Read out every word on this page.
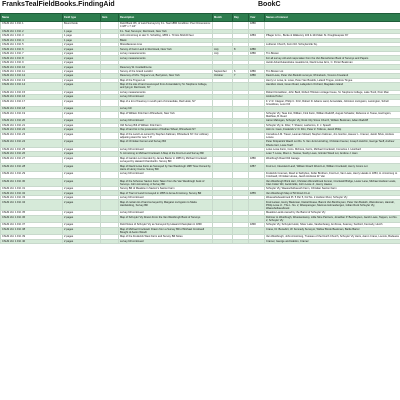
FranksTealFieldBooks.FindingAid	BookC
Name	Field type	Item	Description	Month	Day	Year	Names of interest
CSHS Vol. 1 Fld. 1	Bound book		Field Book 3/6, of Land Surveys by F.L. Teal 1886 Condition: Poor Dimensions: 4 3/8" x 7 1/4"			1886	
CSHS Vol. 1 Fld. 2	1 page		F.L. Teal, Surveyor, Red Hook, New York				
CSHS Vol. 1 Fld. 3	1 page		John Armstrong to Hez K. Schelling, 1883 L. 70 lots 60x100 feet			1883	Pflager & Co., Burke & Walkenny 103 & 104 Main St. Poughkeepsie NY
CSHS Vol. 1 Fld. 4	1 page		Blank				
CSHS Vol. 1 Fld. 5	2 pages		Miscellaneous Line				Lutheran Church, Ferm Rd. Schuylerville Sq.
CSHS Vol. 1 Fld. 6	2 pages		Survey of Farm Land in Red Hook, New York	July	8	1886	
CSHS Vol. 1 Fld. 7	2 pages		survey measurements	July		1886	Tim Bowen
CSHS Vol. 1 Fld. 8	2 pages		survey measurements				For all survey old and maps taken from the Van Benschoten Book of Surveys and Papers
CSHS Vol. 1 Fld. 9	2 pages						Jacob Ackert/Heerebeke meadow lot, David Lowe farm, C. Porter Beekman
CSHS Vol. 1 Fld. 10	2 pages		Resurvey W. Coutlard/Lone				
CSHS Vol. 1 Fld. 11	2 pages		Survey of the Grand Land/or	September	6	1886	Tim Bowen Lot
CSHS Vol. 1 Fld. 12	2 pages		Resurvey of Mrs. Tingue's Lot, Barrytown, New York	October	7	1886	David Lowe, Peter Van Buskirk surveyor, Rhinebeck, Yoosmo Kneeland
CSHS Vol. 1 Fld. 13	2 pages		Map of the Tingue Lot				Henry H. Lowe, E. Lowe, Peter Van Buskirk, Leland Tingue, Andrew Tingue
CSHS Vol. 1 Fld. 14	2 pages		Map of the site of land resurveyed from Annandale by St. Stephens College, and lying in Red Hook, NY				Hamilton Hook, Green Road, Lafayette's Orchard, Magdalen Island
CSHS Vol. 1 Fld. 15	2 pages		survey measurements				Robert Donaldson, John Bard, Robert Tillotson cottage house, St. Stephens College, Lake Tivoli, Poor Man
CSHS Vol. 1 Fld. 16	2 pages		survey bill continued				Andrew Porter
CSHS Vol. 1 Fld. 17	2 pages		Map of a lot of Kearney in south part of Annandale, Red Hook, NY				F. V. R. Clapper, Philip C. Fritz, Robert D. Adams Land, Annandale, Johnston Livingston, Lamington, Schell Grouldines, Leon Kill
CSHS Vol. 1 Fld. 18	2 pages		survey bill				
CSHS Vol. 1 Fld. 19	2 pages		Map of William Fink Farm Rhinebeck, New York				Schuyler Vly, Teas Inst, William, Fink Farm, William Radcliff, August Schaefer, Rebecca H. Teese, Harrington, Matthias, B. Reed
CSHS Vol. 1 Fld. 20	2 pages		survey bill continued				Aaron Mabogan, Schuyler Vly, Rock City Stone Church, William Buckman, Adam Radcliff
CSHS Vol. 1 Fld. 21	2 pages		Old Survey Bill of William Fink Farm				Schuyler Vly, E. Drier, T. Shaver, Lashermo, Z. J. Spearh
CSHS Vol. 1 Fld. 22	2 pages		Map of land lot in the possession of Nathan Wheel, Rhinebeck NY				Alvin H. Cave, Frederick V. D. Drin, Peter Z. Tolknus, Jacob Philip
CSHS Vol. 1 Fld. 23	2 pages		Map of the Land Lot owned by Stephen Kaltman, Rhinebeck NY. For ordinary adjusting stand for new T. P.				Cornelius A.M. Traver, Lauman Mowell, Stephen Kaltman, Jno Gordon, Hauver L. Cramer, Jacob Silvis, Andrew Lowne
CSHS Vol. 1 Fld. 24	2 pages		Map of Christian Fenner and Survey Bill				Peter Kirkpatrick Waeth Lot Ro. S. Van Juris Horstring, Christian Feener, Joseph Hutchin, George Teeff, Andrew Dherie Itert, Lowe Teeff
CSHS Vol. 1 Fld. 25	2 pages		survey bill continued				Lotus Lowe Farm, Cons. Mchone, Ferris, Michael Crockwell, Cornelius J. Hutchard
CSHS Vol. 1 Fld. 26	2 pages		S. Armstrong to Michael Crockwell. A Map of the Fred Lot and Survey Bill				Loan T. Lowe, Moon L. Teesse, Saxby Lowe, Grinder Wood Lot, Andrew J. Ham
CSHS Vol. 1 Fld. 27	2 pages		Map of Garden Lot intended by James Baxter in 1886 by Michael Crockwell surveyed by Haward Chamberlin. Survey Bill			1886	Westbrugh Road Old Garage
CSHS Vol. 1 Fld. 28	2 pages		Map of David Lowe Farm as Surveyed by Van Westbrugh 1887 Now Owned by Heirs of Henry Coons. Survey Bill			1887	Fred Lot, Cleveland Land, William Roach Wood Lot, William Crockwell, Henry Coons Lot
CSHS Vol. 1 Fld. 29	2 pages		survey bill continued				Frederick Coeman, Reed to Sahiybus, Feller Brothers, Fred Lot, Van Lowe, Henry Hawks in 1853, H. Armstrong to Crockwell, Christian House, Jacob Andrews W. Van
CSHS Vol. 1 Fld. 30	2 pages		Map of the Schomer Saxton Farm Taken from the Van Westbrugh book of Surveys. John Armstrong. A Survey Bill				Van Westbrugh Brick Herr, Christian Wenzelbrook Fenner, Crockwell Bridge, Lower Lane, Michael Hudson Lewis, Clan Colter Wir, Jacob Elks, John Lowe Jr., Henry Hawes
CSHS Vol. 1 Fld. 31	2 pages		Survey Bill of Meadow in Saxton's Saxton Farm				Schuyler Vly, Waesschelbeesch Farm, Christian Saxton Farm
CSHS Vol. 1 Fld. 32	2 pages		Map of Tract of Land Conveyed in 1855 to Anna Armstrong. Survey Bill			1855	Van Westbrugh Map of 50 Rood 2l Lot
CSHS Vol. 1 Fld. 33	2 pages		survey bill continued				Wesesshubeesbrook Pt. 5 Par 5, Fof No. 2 Hudson River, Schuyler Vly
CSHS Vol. 1 Fld. 34	2 pages		Map of certain lot of land surveyed by Margaret Livingston to Maria Hardwicking, Survey Bill				Fred Larsen, Henry Beekman, Daniel Reese, Barent Van Benthuysen, Peter Van Buskirk, Wamolsman, Hannah, Philip Lowe Jr., The L. No. 2, Woespersgen, Marmus Holmesbergen, Indian Rock Schuyler Vly, Waesshelbeesbrook
CSHS Vol. 1 Fld. 35	2 pages		survey bill continued				Meadow Lands owned by the Barrel of Schuyler Vly
CSHS Vol. 1 Fld. 36	2 pages		Map of Schuyler Vly Drawn From the Van Westbrugh Book of Surveys				Fishmer to Westbrugh, Woestenkamp, Little Nine Partners, Jonathan P. Benthuysen, Jacob Lowe, Tappen, Lot No. 2, Schuyler Vly
CSHS Vol. 1 Fld. 37	2 pages		Field Notes of Schuyler Vly as Surveyed by Haward Champlain in 1890			1890	Schuyler Vly, Schuyler Hook, Silver Lake, Vandenboarg, Ambrose, Kearney, Sanford, Kennedy, Hutch
CSHS Vol. 1 Fld. 38	2 pages		Map of Michael Crockwell. Drawn from a Survey Bill of Michael Crockwell Bought of Aaron Woodt				Crane, Dr. Benedict, W. Kennedy Surveyor, Widow Brook Beekman, Bartle Barrel
CSHS Vol. 1 Fld. 39	2 pages		Map of the Frederick West Farm and Survey Bill Notes				Van Westbrugh, John Armstrong, Trustees of the Dutch Church, Schuyler Vly Heirs, Aaron Crane, Loomis, Bodewes
CSHS Vol. 1 Fld. 40	2 pages		survey bill continued				Cramer, George and Haldon, Cramer
